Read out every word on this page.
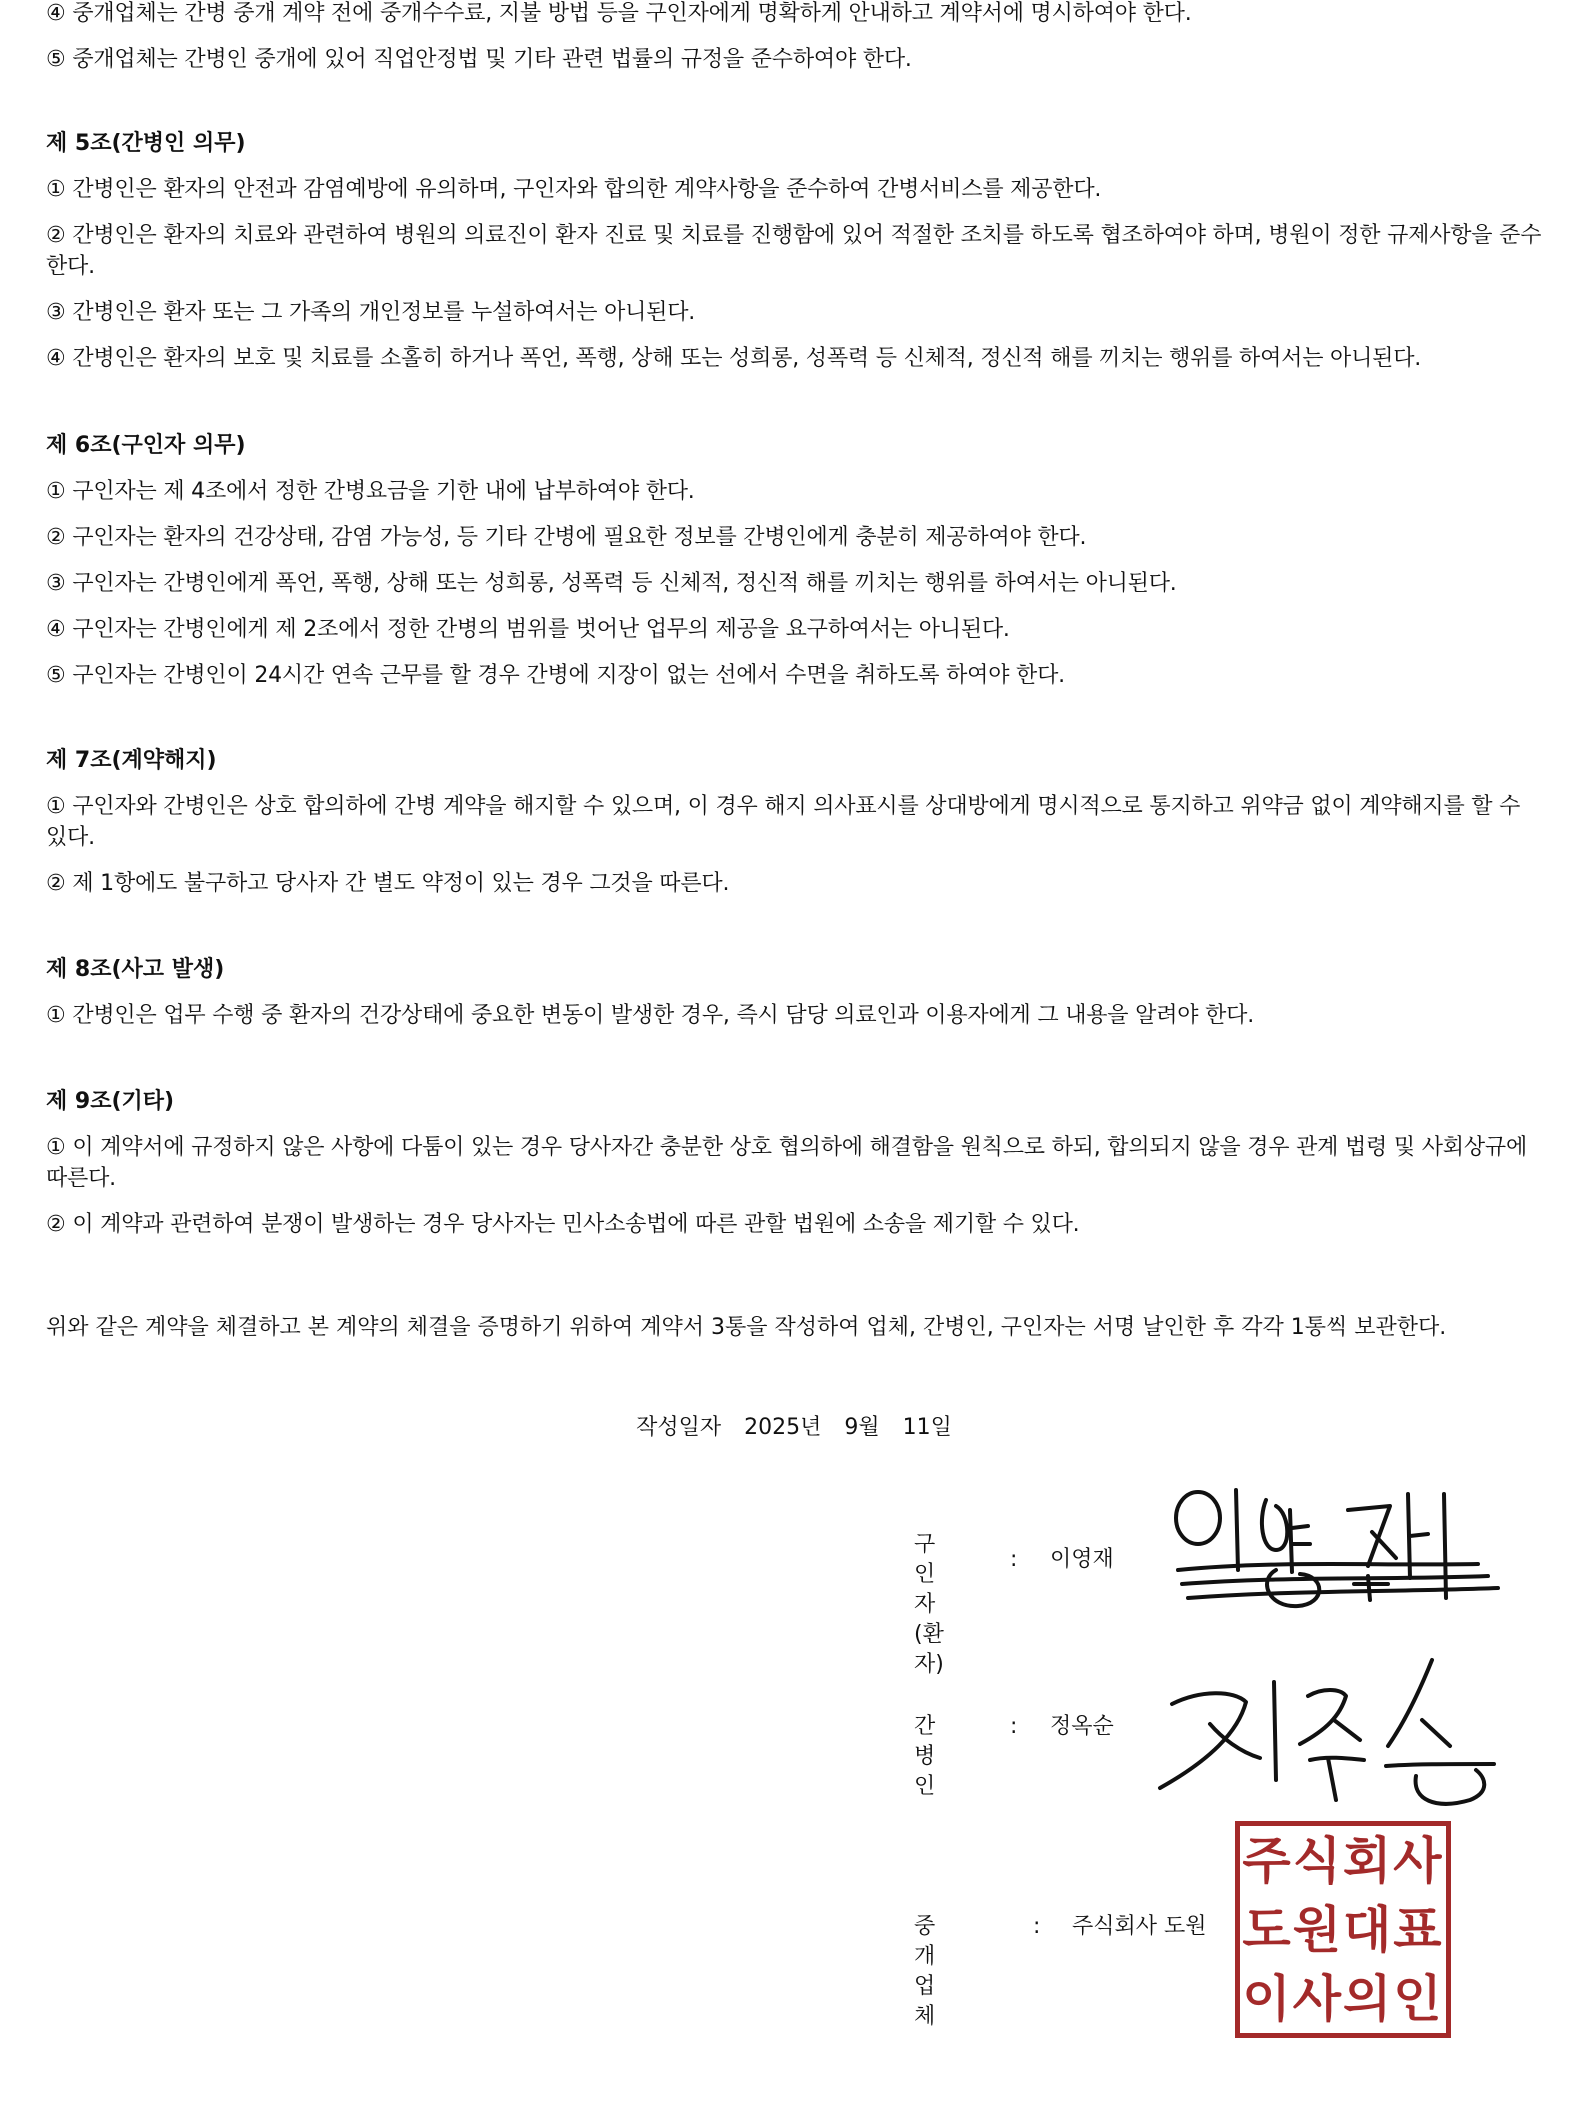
④ 중개업체는 간병 중개 계약 전에 중개수수료, 지불 방법 등을 구인자에게 명확하게 안내하고 계약서에 명시하여야 한다.

⑤ 중개업체는 간병인 중개에 있어 직업안정법 및 기타 관련 법률의 규정을 준수하여야 한다.

제 5조(간병인 의무)

① 간병인은 환자의 안전과 감염예방에 유의하며, 구인자와 합의한 계약사항을 준수하여 간병서비스를 제공한다.

② 간병인은 환자의 치료와 관련하여 병원의 의료진이 환자 진료 및 치료를 진행함에 있어 적절한 조치를 하도록 협조하여야 하며, 병원이 정한 규제사항을 준수한다.

③ 간병인은 환자 또는 그 가족의 개인정보를 누설하여서는 아니된다.

④ 간병인은 환자의 보호 및 치료를 소홀히 하거나 폭언, 폭행, 상해 또는 성희롱, 성폭력 등 신체적, 정신적 해를 끼치는 행위를 하여서는 아니된다.

제 6조(구인자 의무)

① 구인자는 제 4조에서 정한 간병요금을 기한 내에 납부하여야 한다.

② 구인자는 환자의 건강상태, 감염 가능성, 등 기타 간병에 필요한 정보를 간병인에게 충분히 제공하여야 한다.

③ 구인자는 간병인에게 폭언, 폭행, 상해 또는 성희롱, 성폭력 등 신체적, 정신적 해를 끼치는 행위를 하여서는 아니된다.

④ 구인자는 간병인에게 제 2조에서 정한 간병의 범위를 벗어난 업무의 제공을 요구하여서는 아니된다.

⑤ 구인자는 간병인이 24시간 연속 근무를 할 경우 간병에 지장이 없는 선에서 수면을 취하도록 하여야 한다.

제 7조(계약해지)

① 구인자와 간병인은 상호 합의하에 간병 계약을 해지할 수 있으며, 이 경우 해지 의사표시를 상대방에게 명시적으로 통지하고 위약금 없이 계약해지를 할 수 있다.

② 제 1항에도 불구하고 당사자 간 별도 약정이 있는 경우 그것을 따른다.

제 8조(사고 발생)

① 간병인은 업무 수행 중 환자의 건강상태에 중요한 변동이 발생한 경우, 즉시 담당 의료인과 이용자에게 그 내용을 알려야 한다.

제 9조(기타)

① 이 계약서에 규정하지 않은 사항에 다툼이 있는 경우 당사자간 충분한 상호 협의하에 해결함을 원칙으로 하되, 합의되지 않을 경우 관계 법령 및 사회상규에 따른다.

② 이 계약과 관련하여 분쟁이 발생하는 경우 당사자는 민사소송법에 따른 관할 법원에 소송을 제기할 수 있다.

위와 같은 계약을 체결하고 본 계약의 체결을 증명하기 위하여 계약서 3통을 작성하여 업체, 간병인, 구인자는 서명 날인한 후 각각 1통씩 보관한다.

작성일자 2025년 9월 11일
구인자
(환자)
: 이영재
간병인
: 정옥순
중개업체
: 주식회사 도원
주식회사
도원대표
이사의인
